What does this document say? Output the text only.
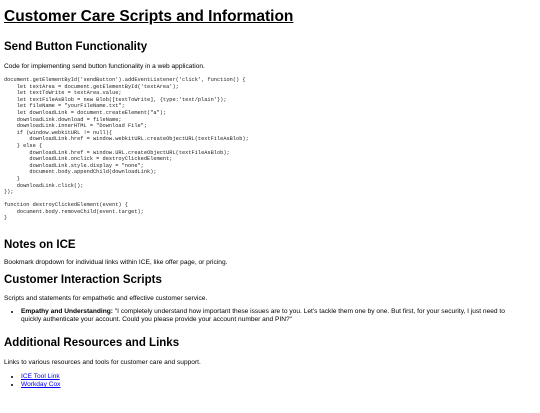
Customer Care Scripts and Information
Send Button Functionality

Code for implementing send button functionality in a web application.

document.getElementById('sendButton').addEventListener('click', function() {
let textArea = document.getElementById('textArea');
let textToWrite = textArea.value;
let textFileAsBlob = new Blob([textToWrite], {type:'text/plain'});
let fileName = "yourFileName.txt";
let downloadLink = document.createElement("a");
downloadLink.download = fileName;
downloadLink.innerHTML = "Download File";
if (window.webkitURL != null){
downloadLink.href = window.webkitURL.createObjectURL(textFileAsBlob);
} else {
downloadLink.href = window.URL.createObjectURL(textFileAsBlob);
downloadLink.onclick = destroyClickedElement;
downloadLink.style.display = "none";
document.body.appendChild(downloadLink);
}
downloadLink.click();
});

function destroyClickedElement(event) {
document.body.removeChild(event.target);
}
Notes on ICE

Bookmark dropdown for individual links within ICE, like offer page, or pricing.

Customer Interaction Scripts

Scripts and statements for empathetic and effective customer service.

• Empathy and Understanding: "I completely understand how important these issues are to you. Let's tackle them one by one. But first, for your security, I just need to quickly authenticate your account. Could you please provide your account number and PIN?"
Additional Resources and Links

Links to various resources and tools for customer care and support.

• ICE Tool Link
• Workday Cox
